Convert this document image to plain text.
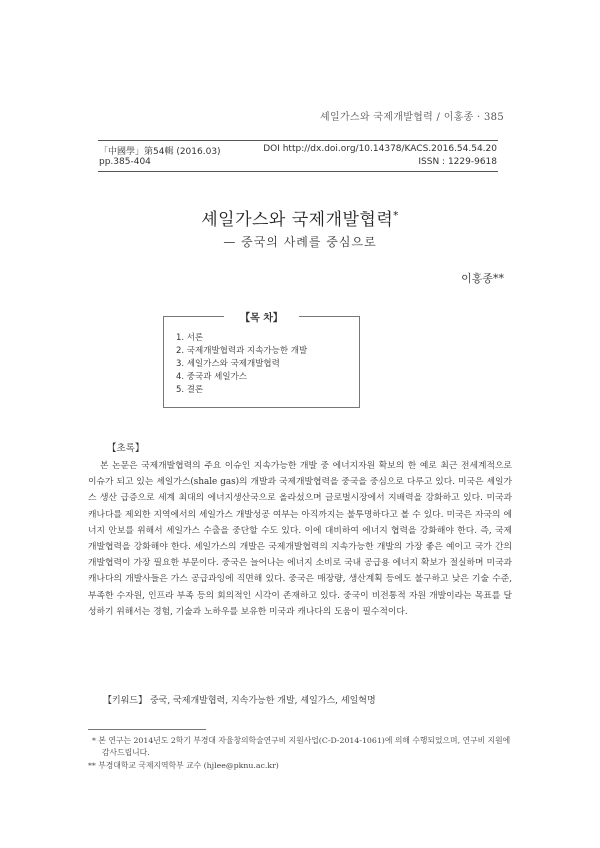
셰일가스와 국제개발협력 / 이홍종 · 385
「中國學」第54輯 (2016.03)
pp.385-404
DOI http://dx.doi.org/10.14378/KACS.2016.54.54.20
ISSN : 1229-9618
셰일가스와 국제개발협력*
— 중국의 사례를 중심으로
이홍종**
【목 차】
1. 서론
2. 국제개발협력과 지속가능한 개발
3. 셰일가스와 국제개발협력
4. 중국과 셰일가스
5. 결론
【초록】

본 논문은 국제개발협력의 주요 이슈인 지속가능한 개발 중 에너지자원 확보의 한 예로 최근 전세계적으로 이슈가 되고 있는 셰일가스(shale gas)의 개발과 국제개발협력을 중국을 중심으로 다루고 있다. 미국은 셰일가스 생산 급증으로 세계 최대의 에너지생산국으로 올라섰으며 글로벌시장에서 지배력을 강화하고 있다. 미국과 캐나다를 제외한 지역에서의 셰일가스 개발성공 여부는 아직까지는 불투명하다고 볼 수 있다. 미국은 자국의 에너지 안보를 위해서 셰일가스 수출을 중단할 수도 있다. 이에 대비하여 에너지 협력을 강화해야 한다. 즉, 국제개발협력을 강화해야 한다. 셰일가스의 개발은 국제개발협력의 지속가능한 개발의 가장 좋은 예이고 국가 간의 개발협력이 가장 필요한 부문이다. 중국은 늘어나는 에너지 소비로 국내 공급용 에너지 확보가 절실하며 미국과 캐나다의 개발사들은 가스 공급과잉에 직면해 있다. 중국은 매장량, 생산계획 등에도 불구하고 낮은 기술 수준, 부족한 수자원, 인프라 부족 등의 회의적인 시각이 존재하고 있다. 중국이 비전통적 자원 개발이라는 목표를 달성하기 위해서는 경험, 기술과 노하우를 보유한 미국과 캐나다의 도움이 필수적이다.

【키워드】 중국, 국제개발협력, 지속가능한 개발, 셰일가스, 셰일혁명
* 본 연구는 2014년도 2학기 부경대 자율창의학술연구비 지원사업(C-D-2014-1061)에 의해 수행되었으며, 연구비 지원에 감사드립니다.
** 부경대학교 국제지역학부 교수 (hjlee@pknu.ac.kr)
